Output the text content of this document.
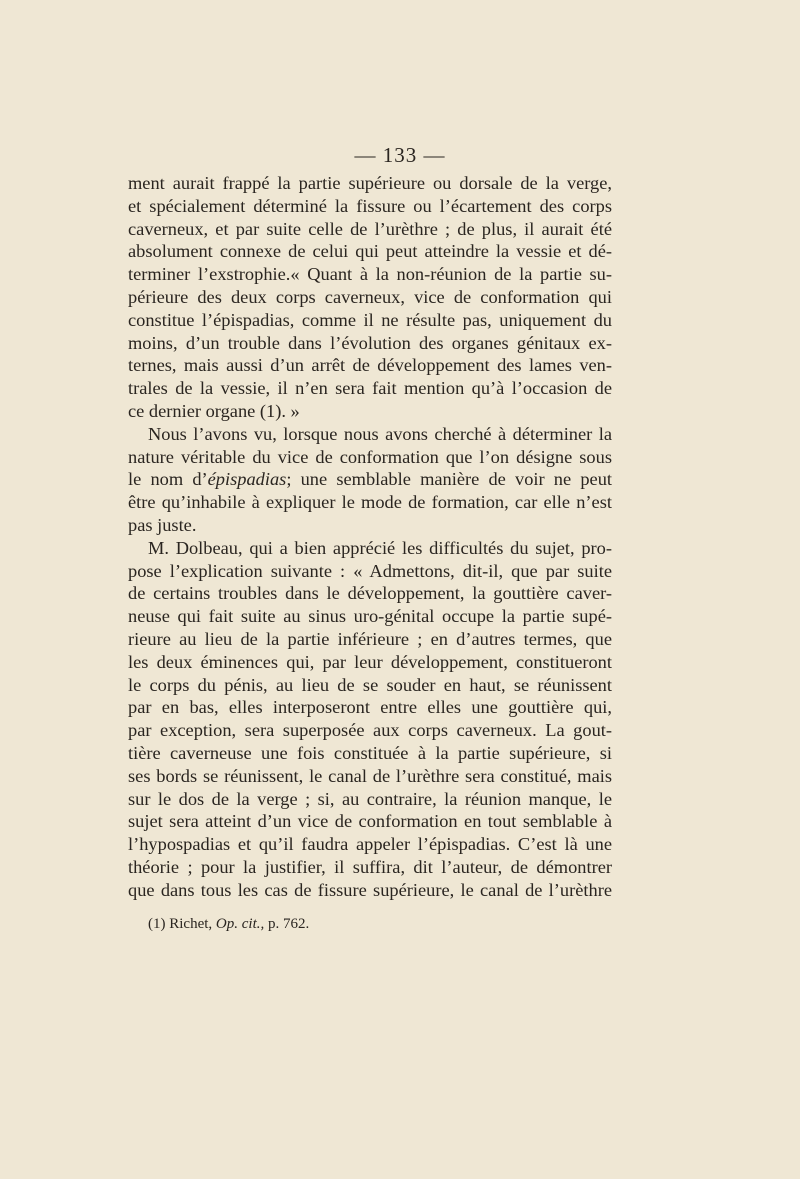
— 133 —
ment aurait frappé la partie supérieure ou dorsale de la verge,
et spécialement déterminé la fissure ou l’écartement des corps
caverneux, et par suite celle de l’urèthre ; de plus, il aurait été
absolument connexe de celui qui peut atteindre la vessie et dé-
terminer l’exstrophie.« Quant à la non-réunion de la partie su-
périeure des deux corps caverneux, vice de conformation qui
constitue l’épispadias, comme il ne résulte pas, uniquement du
moins, d’un trouble dans l’évolution des organes génitaux ex-
ternes, mais aussi d’un arrêt de développement des lames ven-
trales de la vessie, il n’en sera fait mention qu’à l’occasion de
ce dernier organe (1). »
Nous l’avons vu, lorsque nous avons cherché à déterminer la
nature véritable du vice de conformation que l’on désigne sous
le nom d’épispadias; une semblable manière de voir ne peut
être qu’inhabile à expliquer le mode de formation, car elle n’est
pas juste.
M. Dolbeau, qui a bien apprécié les difficultés du sujet, pro-
pose l’explication suivante : « Admettons, dit-il, que par suite
de certains troubles dans le développement, la gouttière caver-
neuse qui fait suite au sinus uro-génital occupe la partie supé-
rieure au lieu de la partie inférieure ; en d’autres termes, que
les deux éminences qui, par leur développement, constitueront
le corps du pénis, au lieu de se souder en haut, se réunissent
par en bas, elles interposeront entre elles une gouttière qui,
par exception, sera superposée aux corps caverneux. La gout-
tière caverneuse une fois constituée à la partie supérieure, si
ses bords se réunissent, le canal de l’urèthre sera constitué, mais
sur le dos de la verge ; si, au contraire, la réunion manque, le
sujet sera atteint d’un vice de conformation en tout semblable à
l’hypospadias et qu’il faudra appeler l’épispadias. C’est là une
théorie ; pour la justifier, il suffira, dit l’auteur, de démontrer
que dans tous les cas de fissure supérieure, le canal de l’urèthre
(1) Richet, Op. cit., p. 762.
